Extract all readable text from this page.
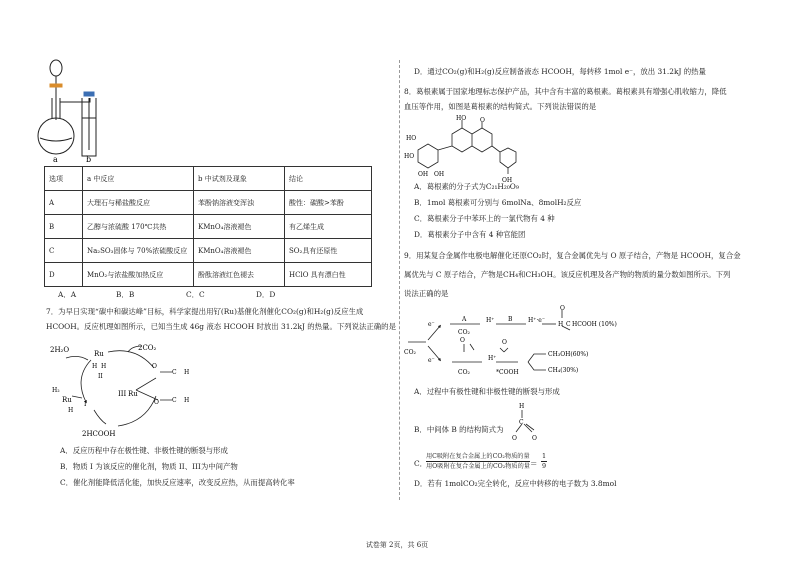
a	b
选项	a 中反应	b 中试剂及现象	结论
A	大理石与稀盐酸反应	苯酚钠溶液变浑浊	酸性：碳酸>苯酚
B	乙醇与浓硫酸 170℃共热	KMnO₄溶液褪色	有乙烯生成
C	Na₂SO₃固体与 70%浓硫酸反应	KMnO₄溶液褪色	SO₂具有还原性
D	MnO₂与浓盐酸加热反应	酚酞溶液红色褪去	HClO 具有漂白性
A．A	B．B	C．C	D．D
7．为早日实现“碳中和碳达峰”目标，科学家提出用钌(Ru)基催化剂催化CO₂(g)和H₂(g)反应生成
HCOOH。反应机理如图所示，已知当生成 46g 液态 HCOOH 时放出 31.2kJ 的热量。下列说法正确的是
2H₂O	2CO₂
Ru
H H
II
H₂
Ru
H
I
III Ru
O
C H
O C H
2HCOOH
A．反应历程中存在极性键、非极性键的断裂与形成
B．物质 I 为该反应的催化剂，物质 II、III为中间产物
C．催化剂能降低活化能，加快反应速率，改变反应热，从而提高转化率
D．通过CO₂(g)和H₂(g)反应制备液态 HCOOH，每转移 1mol e⁻，放出 31.2kJ 的热量
8．葛根素属于国家地理标志保护产品，其中含有丰富的葛根素。葛根素具有增强心肌收缩力，降低
血压等作用，如图是葛根素的结构简式。下列说法错误的是
HO O
HO
HO
OH OH
OH
A．葛根素的分子式为C₂₁H₂₀O₉
B．1mol 葛根素可分别与 6molNa、8molH₂反应
C．葛根素分子中苯环上的一氯代物有 4 种
D．葛根素分子中含有 4 种官能团
9．用某复合金属作电极电解催化还原CO₂时，复合金属优先与 O 原子结合，产物是 HCOOH，复合金
属优先与 C 原子结合，产物是CH₄和CH₃OH。该反应机理及各产物的物质的量分数如图所示。下列
说法正确的是
CO₂
e⁻
e⁻
A
CO₂
H⁺ B	H⁺·e⁻
O
H C HCOOH (10%)
O
CO₂
H⁺
O
*COOH
CH₃OH(60%)
CH₄(30%)
A．过程中有极性键和非极性键的断裂与形成
B．中间体 B 的结构简式为
H
C
O	O
C．
用C吸附在复合金属上的CO₂物质的量
用O吸附在复合金属上的CO₂物质的量 ＝ $\frac{1}{9}$
D．若有 1molCO₂完全转化，反应中转移的电子数为 3.8mol
试卷第 2页，共 6页
